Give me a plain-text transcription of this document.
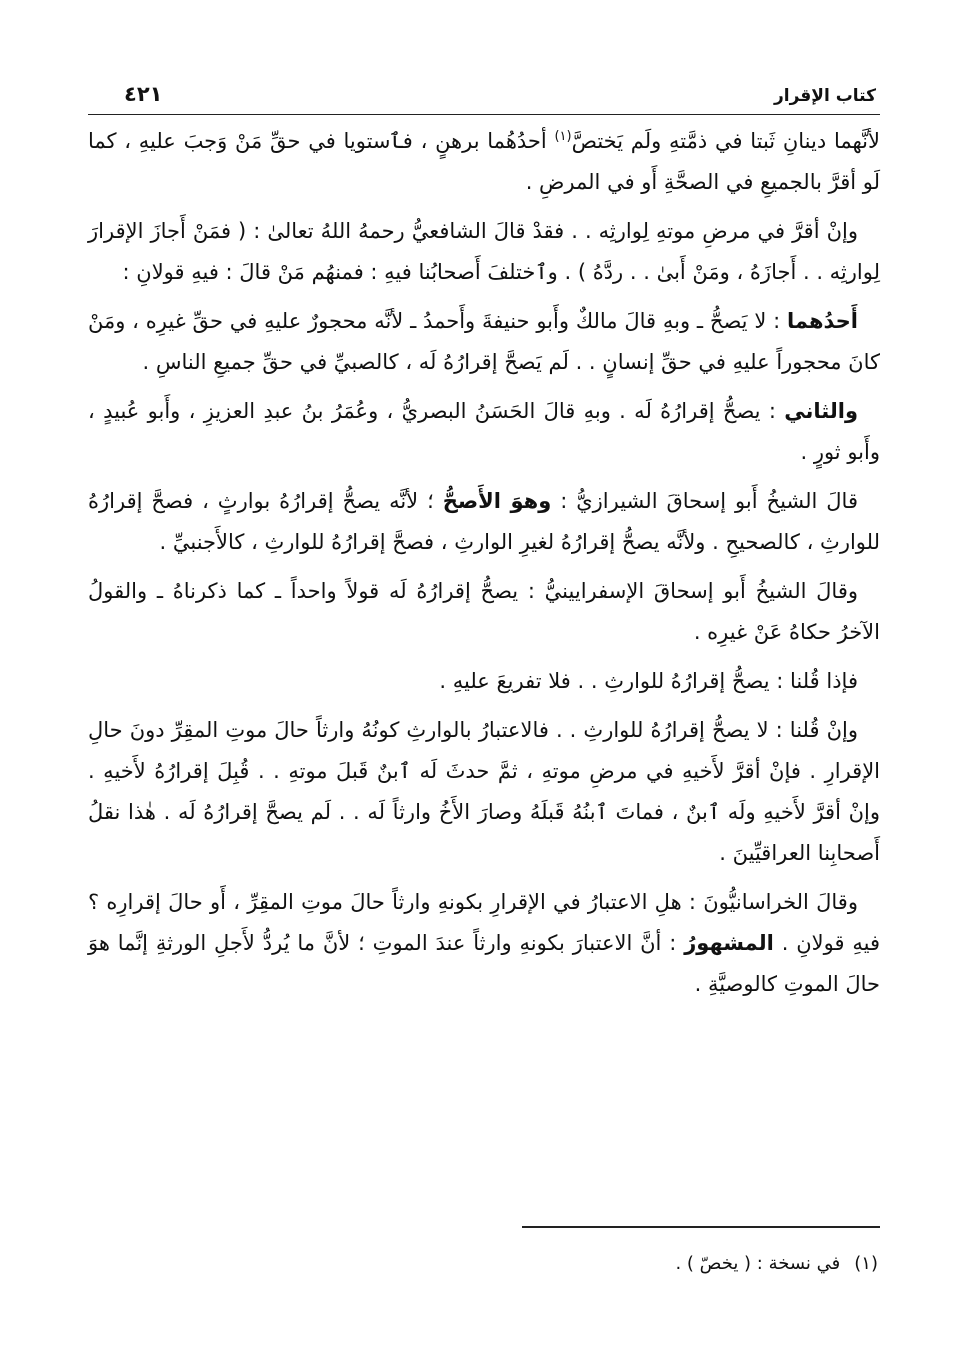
كتاب الإقرار
٤٢١

لأنَّهما دينانِ ثَبتا في ذمَّتهِ ولَم يَختصَّ$^{(١)}$ أحدُهُما برهنٍ ، فٱستويا في حقِّ مَنْ وَجبَ عليهِ ، كما لَو أقرَّ بالجميعِ في الصحَّةِ أَو في المرضِ .

وإنْ أقرَّ في مرضِ موتهِ لِوارثِه . . فقدْ قالَ الشافعيُّ رحمهُ اللهُ تعالىٰ : ( فمَنْ أَجازَ الإقرارَ لِوارثِه . . أَجازَهُ ، ومَنْ أَبىٰ . . ردَّهُ ) . وٱختلفَ أَصحابُنا فيهِ : فمنهُم مَنْ قالَ : فيهِ قولانِ :

أَحدُهما : لا يَصحُّ ـ وبهِ قالَ مالكٌ وأَبو حنيفةَ وأَحمدُ ـ لأنَّه محجورٌ عليهِ في حقِّ غيرِه ، ومَنْ كانَ محجوراً عليهِ في حقِّ إنسانٍ . . لَم يَصحَّ إقرارُهُ لَه ، كالصبيِّ في حقِّ جميعِ الناسِ .

والثاني : يصحُّ إقرارُهُ لَه . وبهِ قالَ الحَسَنُ البصريُّ ، وعُمَرُ بنُ عبدِ العزيزِ ، وأَبو عُبيدٍ ، وأَبو ثورٍ .

قالَ الشيخُ أَبو إسحاقَ الشيرازيُّ : وهوَ الأَصحُّ ؛ لأنَّه يصحُّ إقرارُهُ بوارثٍ ، فصحَّ إقرارُهُ للوارثِ ، كالصحيحِ . ولأنَّه يصحُّ إقرارُهُ لغيرِ الوارثِ ، فصحَّ إقرارُهُ للوارثِ ، كالأَجنبيِّ .

وقالَ الشيخُ أَبو إسحاقَ الإسفرايينيُّ : يصحُّ إقرارُهُ لَه قولاً واحداً ـ كما ذكرناهُ ـ والقولُ الآخرُ حكاهُ عَنْ غيرِه .

فإذا قُلنا : يصحُّ إقرارُهُ للوارثِ . . فلا تفريعَ عليهِ .

وإنْ قُلنا : لا يصحُّ إقرارُهُ للوارثِ . . فالاعتبارُ بالوارثِ كونُهُ وارثاً حالَ موتِ المقِرِّ دونَ حالِ الإقرارِ . فإنْ أقرَّ لأَخيهِ في مرضِ موتهِ ، ثمَّ حدثَ لَه ٱبنٌ قَبلَ موتهِ . . قُبِلَ إقرارُهُ لأَخيهِ . وإنْ أقرَّ لأَخيهِ ولَه ٱبنٌ ، فماتَ ٱبنُهُ قَبلَهُ وصارَ الأَخُ وارثاً لَه . . لَم يصحَّ إقرارُهُ لَه . هٰذا نقلُ أَصحابِنا العراقيِّينَ .

وقالَ الخراسانيُّونَ : هلِ الاعتبارُ في الإقرارِ بكونهِ وارثاً حالَ موتِ المقِرِّ ، أَو حالَ إقرارِه ؟ فيهِ قولانِ . المشهورُ : أنَّ الاعتبارَ بكونهِ وارثاً عندَ الموتِ ؛ لأنَّ ما يُردُّ لأَجلِ الورثةِ إنَّما هوَ حالَ الموتِ كالوصيَّةِ .

(١)في نسخة : ( يخصّ ) .
